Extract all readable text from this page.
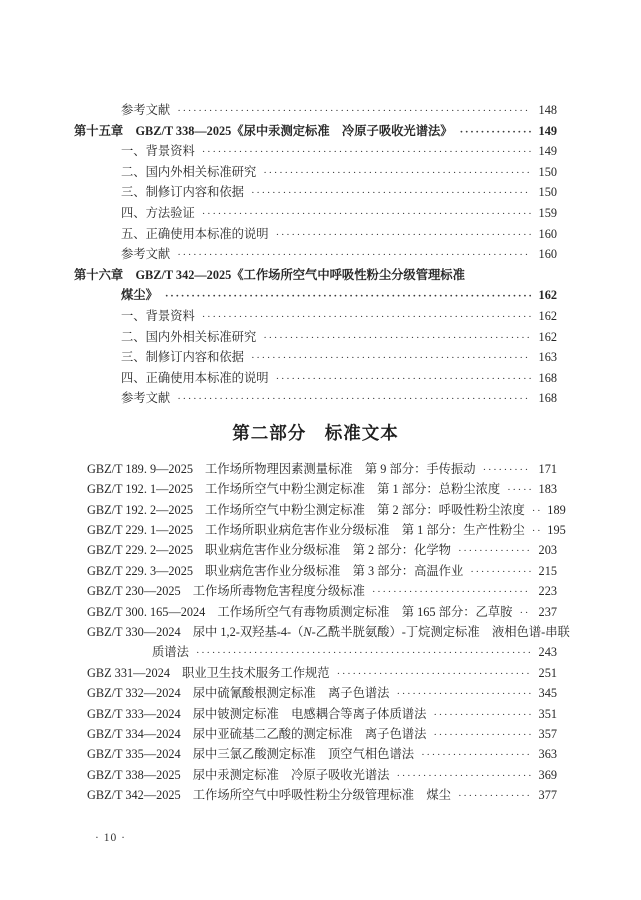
参考文献 ·····	148
第十五章　GBZ/T 338—2025《尿中汞测定标准　冷原子吸收光谱法》 ·····	149
一、背景资料 ·····	149
二、国内外相关标准研究 ·····	150
三、制修订内容和依据 ·····	150
四、方法验证 ·····	159
五、正确使用本标准的说明 ·····	160
参考文献 ·····	160
第十六章　GBZ/T 342—2025《工作场所空气中呼吸性粉尘分级管理标准
煤尘》 ·····	162
一、背景资料 ·····	162
二、国内外相关标准研究 ·····	162
三、制修订内容和依据 ·····	163
四、正确使用本标准的说明 ·····	168
参考文献 ·····	168
第二部分　标准文本
GBZ/T 189. 9—2025 工作场所物理因素测量标准　第 9 部分：手传振动 ·····	171
GBZ/T 192. 1—2025 工作场所空气中粉尘测定标准　第 1 部分：总粉尘浓度 ·····	183
GBZ/T 192. 2—2025 工作场所空气中粉尘测定标准　第 2 部分：呼吸性粉尘浓度 ····· 189
GBZ/T 229. 1—2025 工作场所职业病危害作业分级标准　第 1 部分：生产性粉尘 ····· 195
GBZ/T 229. 2—2025 职业病危害作业分级标准　第 2 部分：化学物 ·····	203
GBZ/T 229. 3—2025 职业病危害作业分级标准　第 3 部分：高温作业 ·····	215
GBZ/T 230—2025 工作场所毒物危害程度分级标准 ·····	223
GBZ/T 300. 165—2024 工作场所空气有毒物质测定标准　第 165 部分：乙草胺 ····· 237
GBZ/T 330—2024 尿中 1,2-双羟基-4-（N-乙酰半胱氨酸）-丁烷测定标准　液相色谱-串联
质谱法 ·····	243
GBZ 331—2024 职业卫生技术服务工作规范 ·····	251
GBZ/T 332—2024 尿中硫氰酸根测定标准　离子色谱法 ·····	345
GBZ/T 333—2024 尿中铍测定标准　电感耦合等离子体质谱法 ·····	351
GBZ/T 334—2024 尿中亚硫基二乙酸的测定标准　离子色谱法 ·····	357
GBZ/T 335—2024 尿中三氯乙酸测定标准　顶空气相色谱法 ·····	363
GBZ/T 338—2025 尿中汞测定标准　冷原子吸收光谱法 ·····	369
GBZ/T 342—2025 工作场所空气中呼吸性粉尘分级管理标准　煤尘 ·····	377
· 10 ·
